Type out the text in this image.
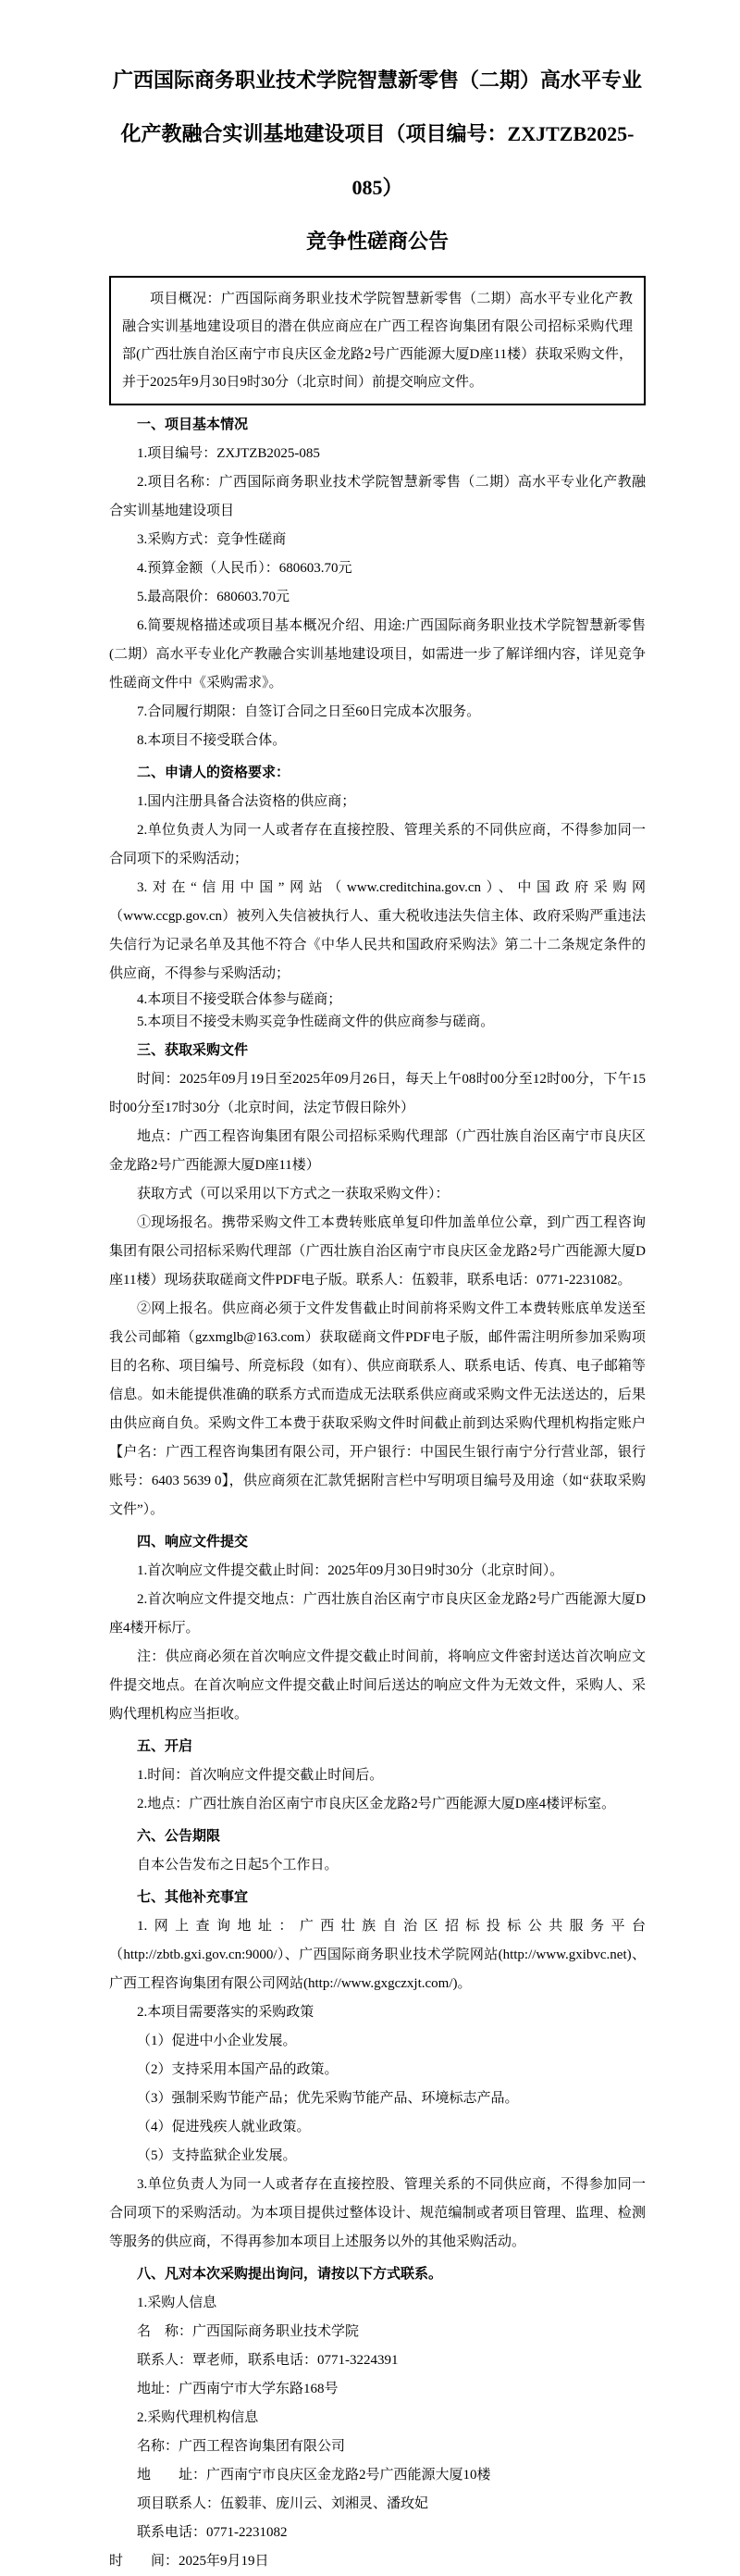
广西国际商务职业技术学院智慧新零售（二期）高水平专业
化产教融合实训基地建设项目（项目编号：ZXJTZB2025-085）
竞争性磋商公告

项目概况：广西国际商务职业技术学院智慧新零售（二期）高水平专业化产教融合实训基地建设项目的潜在供应商应在广西工程咨询集团有限公司招标采购代理部(广西壮族自治区南宁市良庆区金龙路2号广西能源大厦D座11楼）获取采购文件，并于2025年9月30日9时30分（北京时间）前提交响应文件。

一、项目基本情况

1.项目编号：ZXJTZB2025-085

2.项目名称：广西国际商务职业技术学院智慧新零售（二期）高水平专业化产教融合实训基地建设项目

3.采购方式：竞争性磋商

4.预算金额（人民币）：680603.70元

5.最高限价：680603.70元

6.简要规格描述或项目基本概况介绍、用途:广西国际商务职业技术学院智慧新零售(二期）高水平专业化产教融合实训基地建设项目，如需进一步了解详细内容，详见竞争性磋商文件中《采购需求》。

7.合同履行期限：自签订合同之日至60日完成本次服务。

8.本项目不接受联合体。

二、申请人的资格要求：

1.国内注册具备合法资格的供应商；

2.单位负责人为同一人或者存在直接控股、管理关系的不同供应商，不得参加同一合同项下的采购活动；

3.对在“信用中国”网站（www.creditchina.gov.cn）、中国政府采购网（www.ccgp.gov.cn）被列入失信被执行人、重大税收违法失信主体、政府采购严重违法失信行为记录名单及其他不符合《中华人民共和国政府采购法》第二十二条规定条件的供应商，不得参与采购活动；

4.本项目不接受联合体参与磋商；

5.本项目不接受未购买竞争性磋商文件的供应商参与磋商。

三、获取采购文件

时间：2025年09月19日至2025年09月26日，每天上午08时00分至12时00分，下午15时00分至17时30分（北京时间，法定节假日除外）

地点：广西工程咨询集团有限公司招标采购代理部（广西壮族自治区南宁市良庆区金龙路2号广西能源大厦D座11楼）

获取方式（可以采用以下方式之一获取采购文件）：

①现场报名。携带采购文件工本费转账底单复印件加盖单位公章，到广西工程咨询集团有限公司招标采购代理部（广西壮族自治区南宁市良庆区金龙路2号广西能源大厦D座11楼）现场获取磋商文件PDF电子版。联系人：伍毅菲，联系电话：0771-2231082。

②网上报名。供应商必须于文件发售截止时间前将采购文件工本费转账底单发送至我公司邮箱（gzxmglb@163.com）获取磋商文件PDF电子版，邮件需注明所参加采购项目的名称、项目编号、所竞标段（如有）、供应商联系人、联系电话、传真、电子邮箱等信息。如未能提供准确的联系方式而造成无法联系供应商或采购文件无法送达的，后果由供应商自负。采购文件工本费于获取采购文件时间截止前到达采购代理机构指定账户【户名：广西工程咨询集团有限公司，开户银行：中国民生银行南宁分行营业部，银行账号：6403 5639 0】，供应商须在汇款凭据附言栏中写明项目编号及用途（如“获取采购文件”）。

四、响应文件提交

1.首次响应文件提交截止时间：2025年09月30日9时30分（北京时间）。

2.首次响应文件提交地点：广西壮族自治区南宁市良庆区金龙路2号广西能源大厦D座4楼开标厅。

注：供应商必须在首次响应文件提交截止时间前，将响应文件密封送达首次响应文件提交地点。在首次响应文件提交截止时间后送达的响应文件为无效文件，采购人、采购代理机构应当拒收。

五、开启

1.时间：首次响应文件提交截止时间后。

2.地点：广西壮族自治区南宁市良庆区金龙路2号广西能源大厦D座4楼评标室。

六、公告期限

自本公告发布之日起5个工作日。

七、其他补充事宜

1.网上查询地址：广西壮族自治区招标投标公共服务平台（http://zbtb.gxi.gov.cn:9000/）、广西国际商务职业技术学院网站(http://www.gxibvc.net)、广西工程咨询集团有限公司网站(http://www.gxgczxjt.com/)。

2.本项目需要落实的采购政策

（1）促进中小企业发展。

（2）支持采用本国产品的政策。

（3）强制采购节能产品；优先采购节能产品、环境标志产品。

（4）促进残疾人就业政策。

（5）支持监狱企业发展。

3.单位负责人为同一人或者存在直接控股、管理关系的不同供应商，不得参加同一合同项下的采购活动。为本项目提供过整体设计、规范编制或者项目管理、监理、检测等服务的供应商，不得再参加本项目上述服务以外的其他采购活动。

八、凡对本次采购提出询问，请按以下方式联系。

1.采购人信息

名　称：广西国际商务职业技术学院

联系人：覃老师，联系电话：0771-3224391

地址：广西南宁市大学东路168号

2.采购代理机构信息

名称：广西工程咨询集团有限公司

地　　址：广西南宁市良庆区金龙路2号广西能源大厦10楼

项目联系人：伍毅菲、庞川云、刘湘灵、潘玫妃

联系电话：0771-2231082

时　　间：2025年9月19日
